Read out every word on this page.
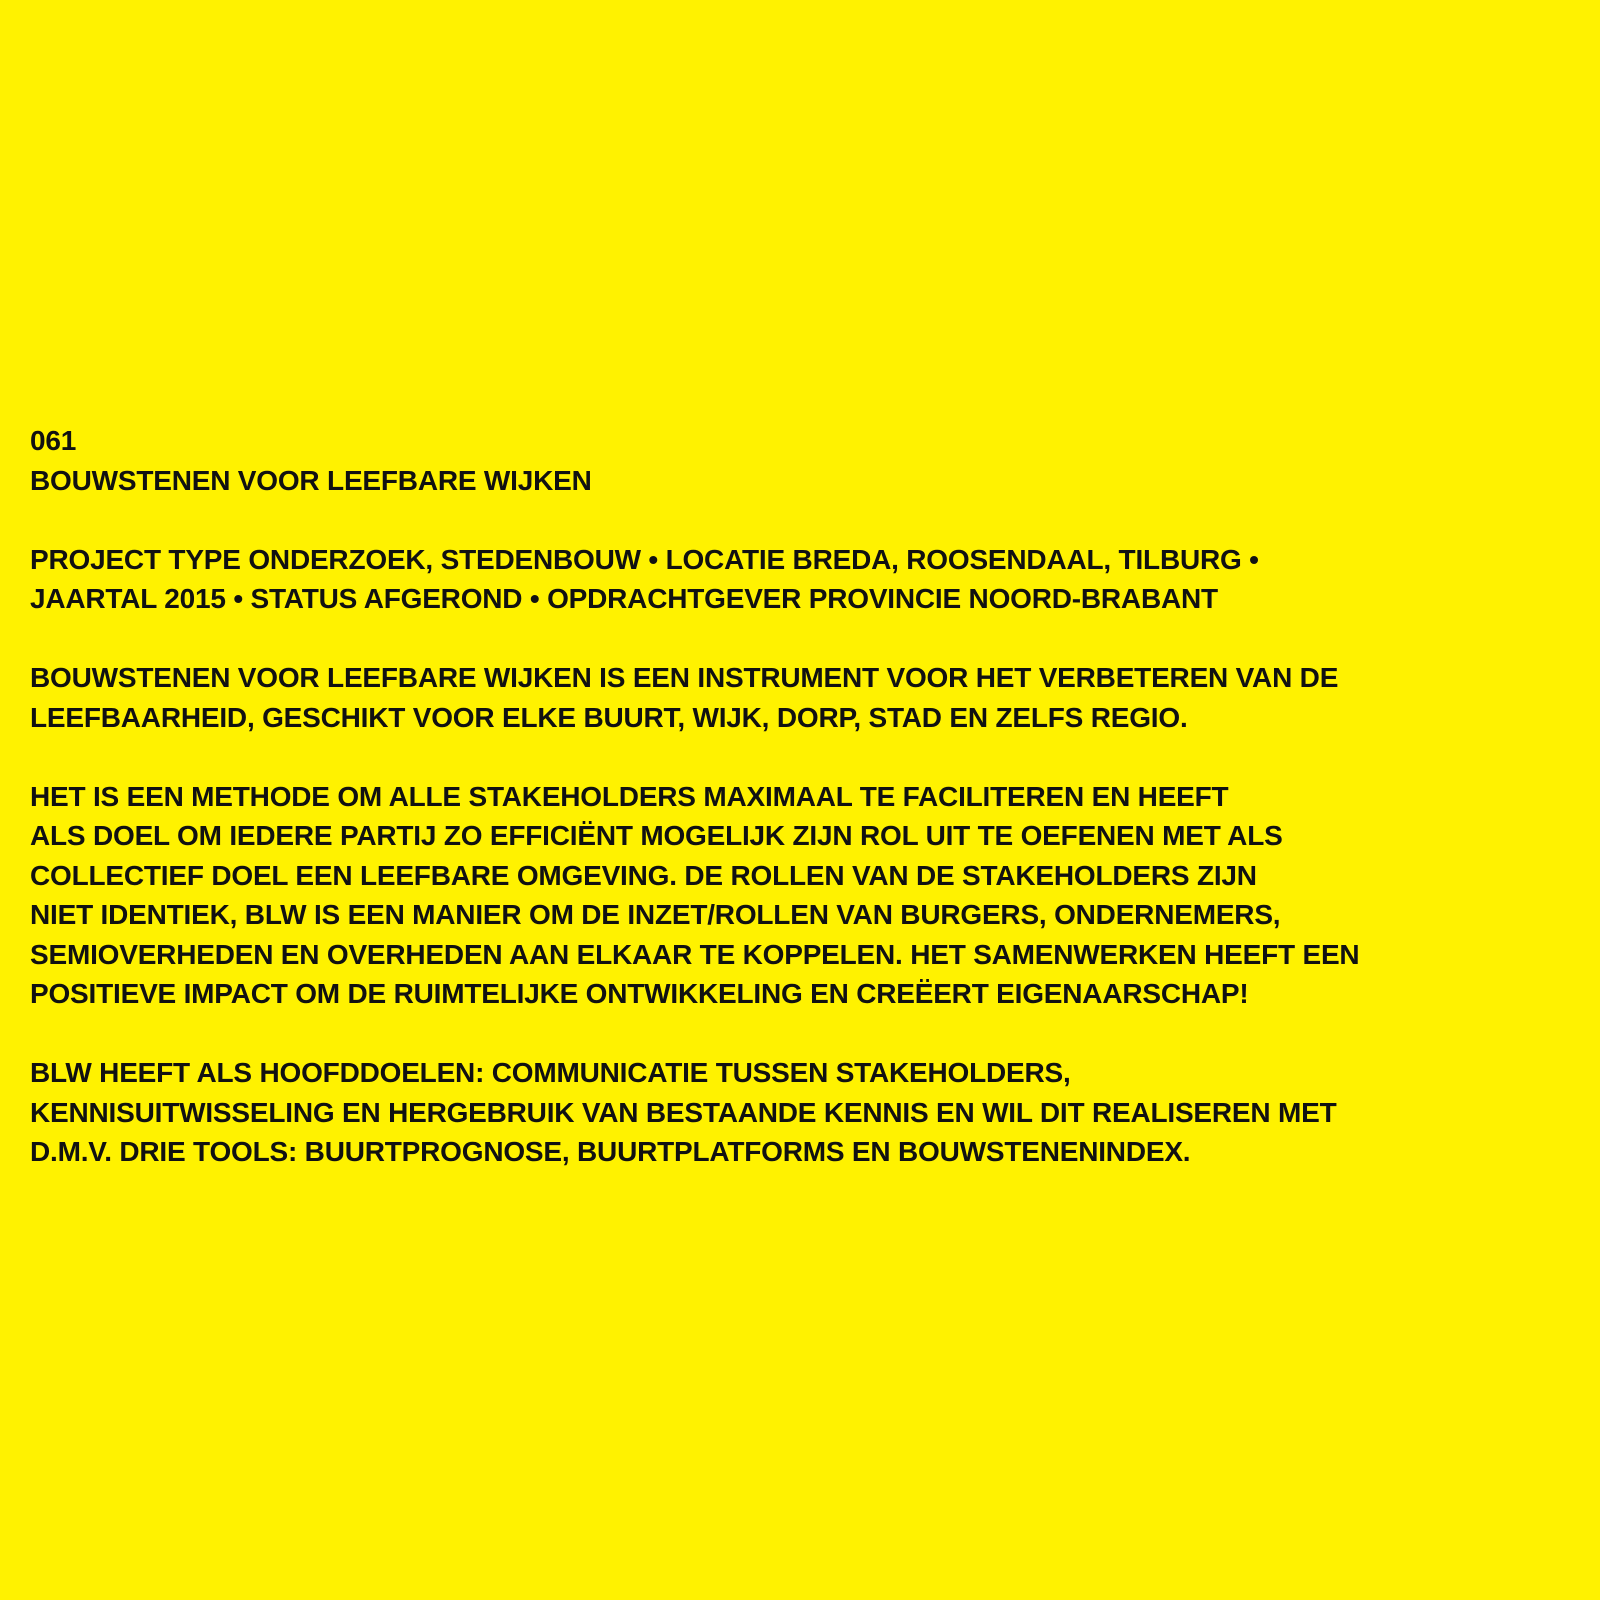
061
BOUWSTENEN VOOR LEEFBARE WIJKEN
PROJECT TYPE ONDERZOEK, STEDENBOUW • LOCATIE BREDA, ROOSENDAAL, TILBURG •
JAARTAL 2015 • STATUS AFGEROND • OPDRACHTGEVER PROVINCIE NOORD-BRABANT
BOUWSTENEN VOOR LEEFBARE WIJKEN IS EEN INSTRUMENT VOOR HET VERBETEREN VAN DE
LEEFBAARHEID, GESCHIKT VOOR ELKE BUURT, WIJK, DORP, STAD EN ZELFS REGIO.
HET IS EEN METHODE OM ALLE STAKEHOLDERS MAXIMAAL TE FACILITEREN EN HEEFT
ALS DOEL OM IEDERE PARTIJ ZO EFFICIËNT MOGELIJK ZIJN ROL UIT TE OEFENEN MET ALS
COLLECTIEF DOEL EEN LEEFBARE OMGEVING. DE ROLLEN VAN DE STAKEHOLDERS ZIJN
NIET IDENTIEK, BLW IS EEN MANIER OM DE INZET/ROLLEN VAN BURGERS, ONDERNEMERS,
SEMIOVERHEDEN EN OVERHEDEN AAN ELKAAR TE KOPPELEN. HET SAMENWERKEN HEEFT EEN
POSITIEVE IMPACT OM DE RUIMTELIJKE ONTWIKKELING EN CREËERT EIGENAARSCHAP!
BLW HEEFT ALS HOOFDDOELEN: COMMUNICATIE TUSSEN STAKEHOLDERS,
KENNISUITWISSELING EN HERGEBRUIK VAN BESTAANDE KENNIS EN WIL DIT REALISEREN MET
D.M.V. DRIE TOOLS: BUURTPROGNOSE, BUURTPLATFORMS EN BOUWSTENENINDEX.
